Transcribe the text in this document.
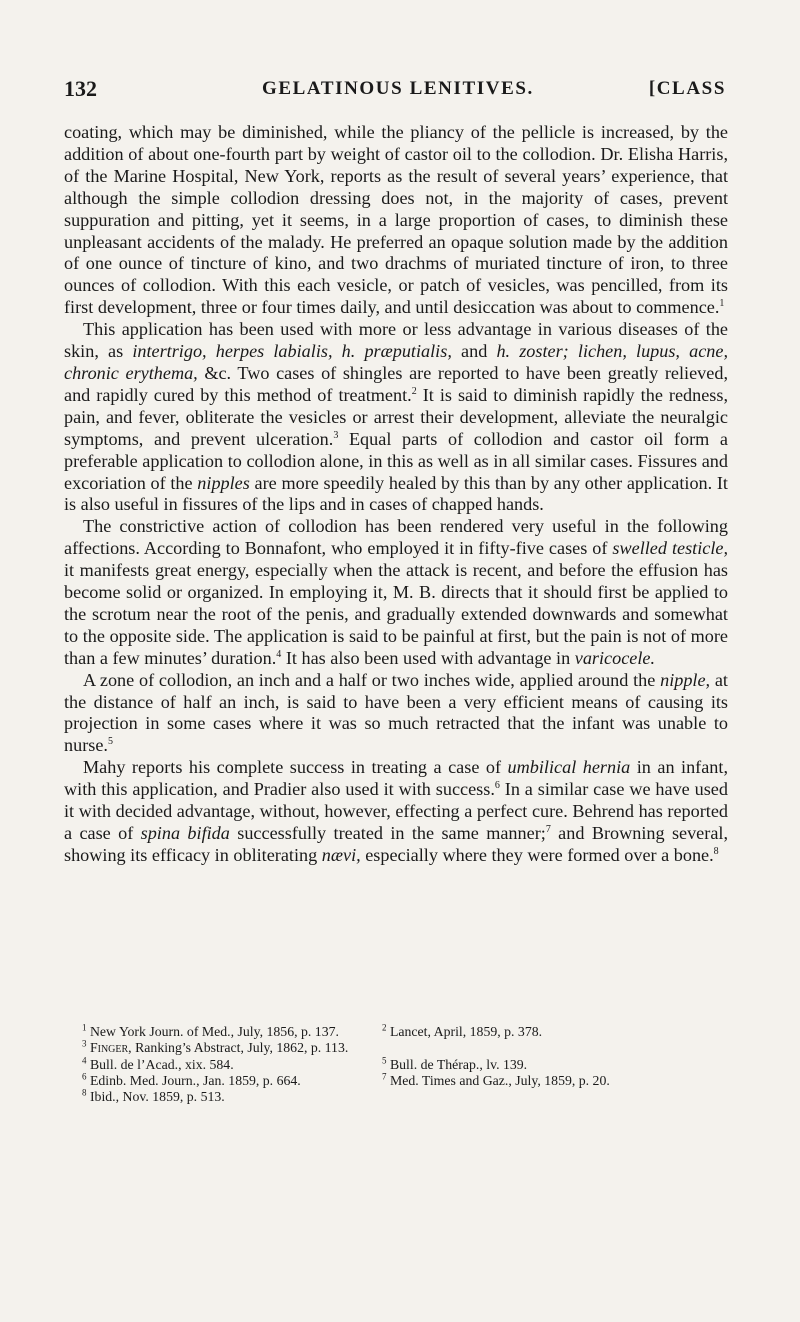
132	GELATINOUS LENITIVES.	[CLASS

coating, which may be diminished, while the pliancy of the pellicle is increased, by the addition of about one-fourth part by weight of castor oil to the collodion. Dr. Elisha Harris, of the Marine Hospital, New York, reports as the result of several years’ experience, that although the simple collodion dressing does not, in the majority of cases, prevent suppuration and pitting, yet it seems, in a large proportion of cases, to diminish these unpleasant accidents of the malady. He preferred an opaque solution made by the addition of one ounce of tincture of kino, and two drachms of muriated tincture of iron, to three ounces of collodion. With this each vesicle, or patch of vesicles, was pencilled, from its first development, three or four times daily, and until desiccation was about to commence.$^1$

This application has been used with more or less advantage in various diseases of the skin, as intertrigo, herpes labialis, h. præputialis, and h. zoster; lichen, lupus, acne, chronic erythema, &c. Two cases of shingles are reported to have been greatly relieved, and rapidly cured by this method of treatment.$^2$ It is said to diminish rapidly the redness, pain, and fever, obliterate the vesicles or arrest their development, alleviate the neuralgic symptoms, and prevent ulceration.$^3$ Equal parts of collodion and castor oil form a preferable application to collodion alone, in this as well as in all similar cases. Fissures and excoriation of the nipples are more speedily healed by this than by any other application. It is also useful in fissures of the lips and in cases of chapped hands.

The constrictive action of collodion has been rendered very useful in the following affections. According to Bonnafont, who employed it in fifty-five cases of swelled testicle, it manifests great energy, especially when the attack is recent, and before the effusion has become solid or organized. In employing it, M. B. directs that it should first be applied to the scrotum near the root of the penis, and gradually extended downwards and somewhat to the opposite side. The application is said to be painful at first, but the pain is not of more than a few minutes’ duration.$^4$ It has also been used with advantage in varicocele.

A zone of collodion, an inch and a half or two inches wide, applied around the nipple, at the distance of half an inch, is said to have been a very efficient means of causing its projection in some cases where it was so much retracted that the infant was unable to nurse.$^5$

Mahy reports his complete success in treating a case of umbilical hernia in an infant, with this application, and Pradier also used it with success.$^6$ In a similar case we have used it with decided advantage, without, however, effecting a perfect cure. Behrend has reported a case of spina bifida successfully treated in the same manner;$^7$ and Browning several, showing its efficacy in obliterating nævi, especially where they were formed over a bone.$^8$

$^1$ New York Journ. of Med., July, 1856, p. 137.	$^2$ Lancet, April, 1859, p. 378.
$^3$ Finger, Ranking’s Abstract, July, 1862, p. 113.
$^4$ Bull. de l’Acad., xix. 584.	$^5$ Bull. de Thérap., lv. 139.
$^6$ Edinb. Med. Journ., Jan. 1859, p. 664.	$^7$ Med. Times and Gaz., July, 1859, p. 20.
$^8$ Ibid., Nov. 1859, p. 513.
